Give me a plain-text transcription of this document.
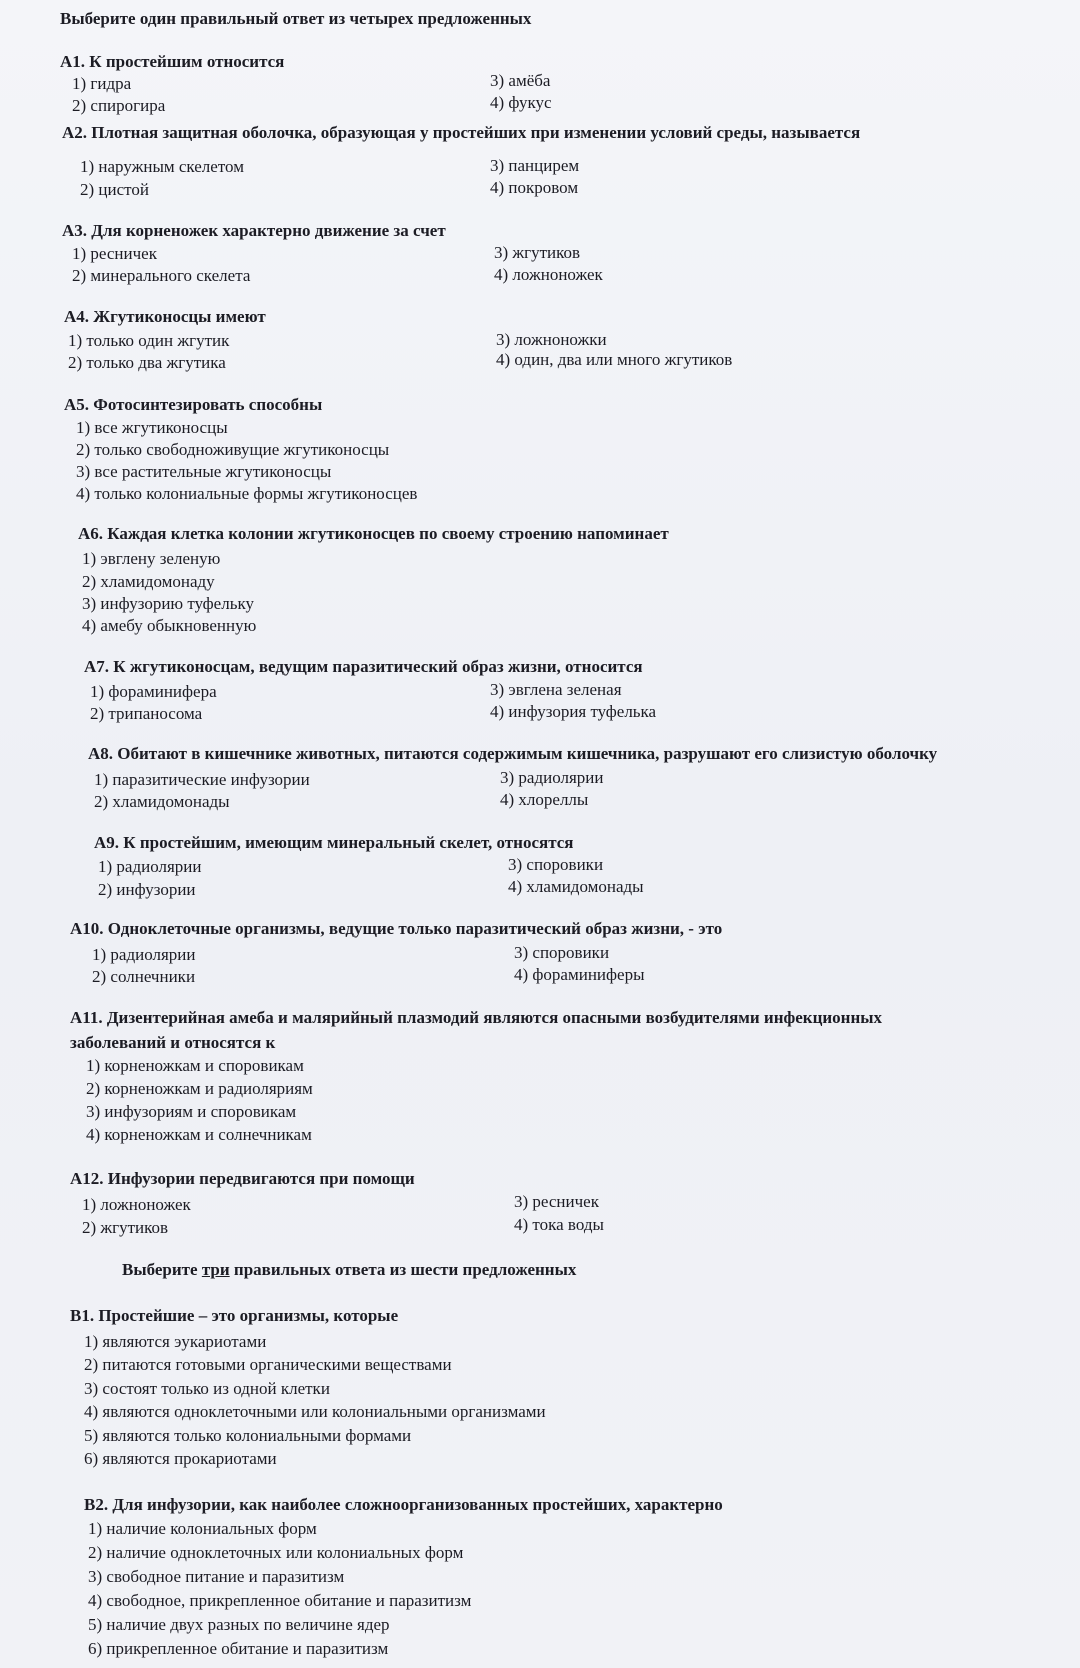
Выберите один правильный ответ из четырех предложенных
А1. К простейшим относится
1) гидра
2) спирогира
3) амёба
4) фукус
А2. Плотная защитная оболочка, образующая у простейших при изменении условий среды, называется
1) наружным скелетом
2) цистой
3) панцирем
4) покровом
А3. Для корненожек характерно движение за счет
1) ресничек
2) минерального скелета
3) жгутиков
4) ложноножек
А4. Жгутиконосцы имеют
1) только один жгутик
2) только два жгутика
3) ложноножки
4) один, два или много жгутиков
А5. Фотосинтезировать способны
1) все жгутиконосцы
2) только свободноживущие жгутиконосцы
3) все растительные жгутиконосцы
4) только колониальные формы жгутиконосцев
А6. Каждая клетка колонии жгутиконосцев по своему строению напоминает
1) эвглену зеленую
2) хламидомонаду
3) инфузорию туфельку
4) амебу обыкновенную
А7. К жгутиконосцам, ведущим паразитический образ жизни, относится
1) фораминифера
2) трипаносома
3) эвглена зеленая
4) инфузория туфелька
А8. Обитают в кишечнике животных, питаются содержимым кишечника, разрушают его слизистую оболочку
1) паразитические инфузории
2) хламидомонады
3) радиолярии
4) хлореллы
А9. К простейшим, имеющим минеральный скелет, относятся
1) радиолярии
2) инфузории
3) споровики
4) хламидомонады
А10. Одноклеточные организмы, ведущие только паразитический образ жизни, - это
1) радиолярии
2) солнечники
3) споровики
4) фораминиферы
А11. Дизентерийная амеба и малярийный плазмодий являются опасными возбудителями инфекционных
заболеваний и относятся к
1) корненожкам и споровикам
2) корненожкам и радиоляриям
3) инфузориям и споровикам
4) корненожкам и солнечникам
А12. Инфузории передвигаются при помощи
1) ложноножек
2) жгутиков
3) ресничек
4) тока воды
Выберите три правильных ответа из шести предложенных
В1. Простейшие – это организмы, которые
1) являются эукариотами
2) питаются готовыми органическими веществами
3) состоят только из одной клетки
4) являются одноклеточными или колониальными организмами
5) являются только колониальными формами
6) являются прокариотами
В2. Для инфузории, как наиболее сложноорганизованных простейших, характерно
1) наличие колониальных форм
2) наличие одноклеточных или колониальных форм
3) свободное питание и паразитизм
4) свободное, прикрепленное обитание и паразитизм
5) наличие двух разных по величине ядер
6) прикрепленное обитание и паразитизм
